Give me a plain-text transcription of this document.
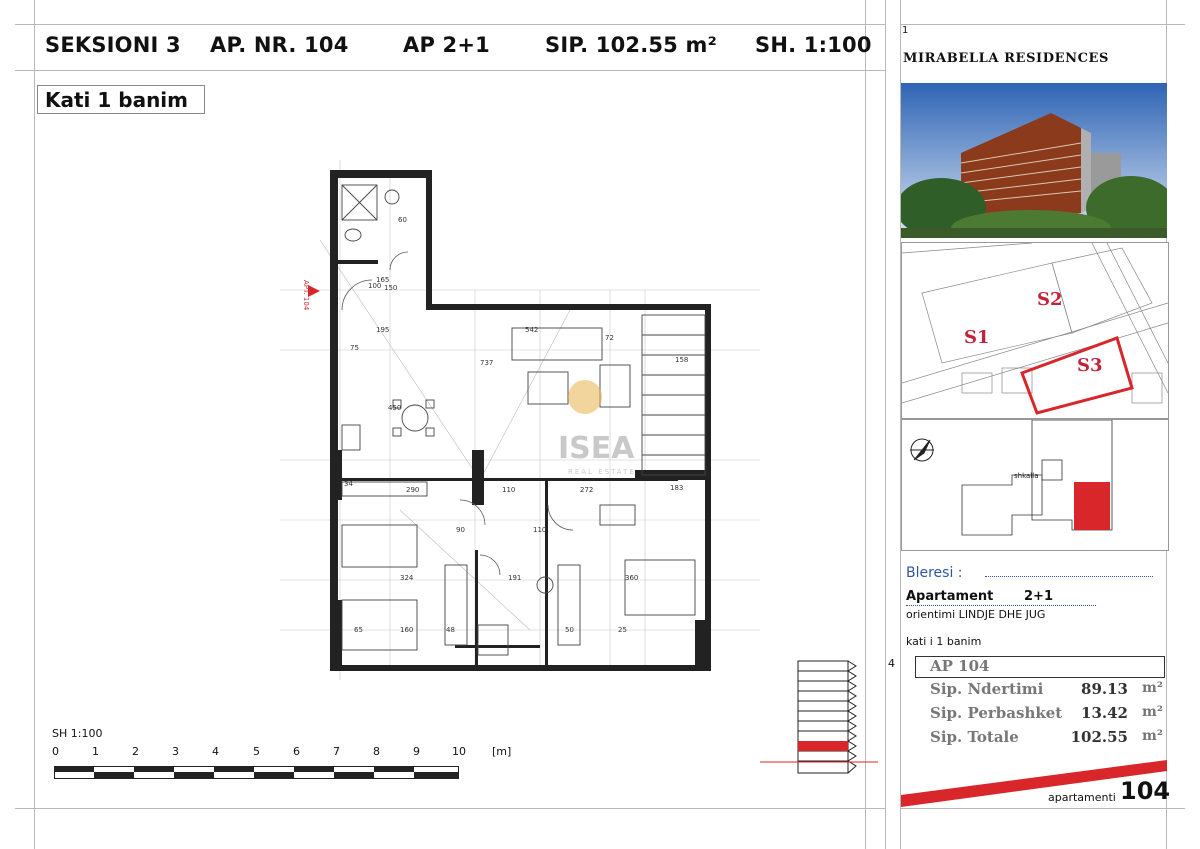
SEKSIONI 3 AP. NR. 104	AP 2+1	SIP. 102.55 m² SH. 1:100
Kati 1 banim
542
737
195
158
75
72
150
100
165
60
290	110	272	183
34
324	191	360
160
65	48	50
110
25
450
90
APT. 104
ISEA
REAL ESTATE
SH 1:100
0	1	2	3	4	5	6	7	8	9	10 [m]
4
1
MIRABELLA RESIDENCES
S1
S2
S3
shkalla
Bleresi :
Apartament 2+1
orientimi LINDJE DHE JUG
kati i 1 banim
AP 104
Sip. Ndertimi	89.13 m²
Sip. Perbashket	13.42 m²
Sip. Totale	102.55 m²
apartamenti 104
